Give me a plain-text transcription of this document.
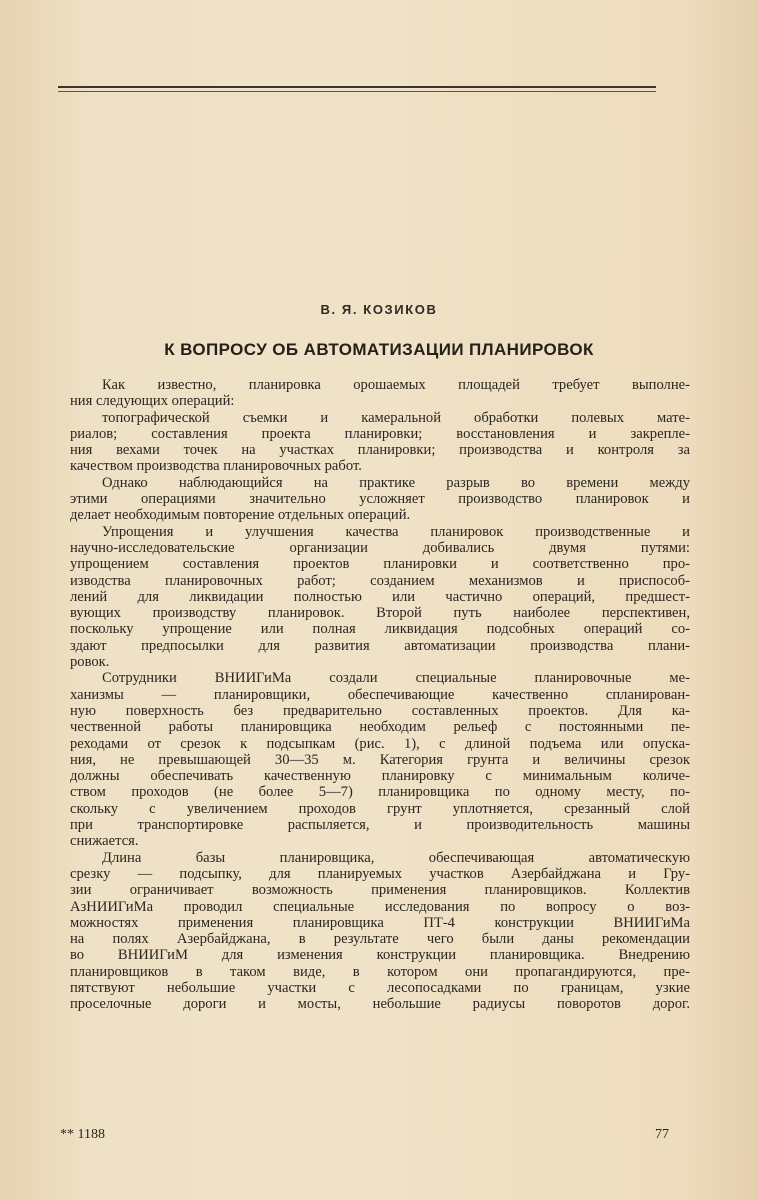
В. Я. КОЗИКОВ
К ВОПРОСУ ОБ АВТОМАТИЗАЦИИ ПЛАНИРОВОК
Как известно, планировка орошаемых площадей требует выполне-
ния следующих операций:
топографической съемки и камеральной обработки полевых мате-
риалов; составления проекта планировки; восстановления и закрепле-
ния вехами точек на участках планировки; производства и контроля за
качеством производства планировочных работ.
Однако наблюдающийся на практике разрыв во времени между
этими операциями значительно усложняет производство планировок и
делает необходимым повторение отдельных операций.
Упрощения и улучшения качества планировок производственные и
научно-исследовательские организации добивались двумя путями:
упрощением составления проектов планировки и соответственно про-
изводства планировочных работ; созданием механизмов и приспособ-
лений для ликвидации полностью или частично операций, предшест-
вующих производству планировок. Второй путь наиболее перспективен,
поскольку упрощение или полная ликвидация подсобных операций со-
здают предпосылки для развития автоматизации производства плани-
ровок.
Сотрудники ВНИИГиМа создали специальные планировочные ме-
ханизмы — планировщики, обеспечивающие качественно спланирован-
ную поверхность без предварительно составленных проектов. Для ка-
чественной работы планировщика необходим рельеф с постоянными пе-
реходами от срезок к подсыпкам (рис. 1), с длиной подъема или опуска-
ния, не превышающей 30—35 м. Категория грунта и величины срезок
должны обеспечивать качественную планировку с минимальным количе-
ством проходов (не более 5—7) планировщика по одному месту, по-
скольку с увеличением проходов грунт уплотняется, срезанный слой
при транспортировке распыляется, и производительность машины
снижается.
Длина базы планировщика, обеспечивающая автоматическую
срезку — подсыпку, для планируемых участков Азербайджана и Гру-
зии ограничивает возможность применения планировщиков. Коллектив
АзНИИГиМа проводил специальные исследования по вопросу о воз-
можностях применения планировщика ПТ-4 конструкции ВНИИГиМа
на полях Азербайджана, в результате чего были даны рекомендации
во ВНИИГиМ для изменения конструкции планировщика. Внедрению
планировщиков в таком виде, в котором они пропагандируются, пре-
пятствуют небольшие участки с лесопосадками по границам, узкие
проселочные дороги и мосты, небольшие радиусы поворотов дорог.
** 1188	77
